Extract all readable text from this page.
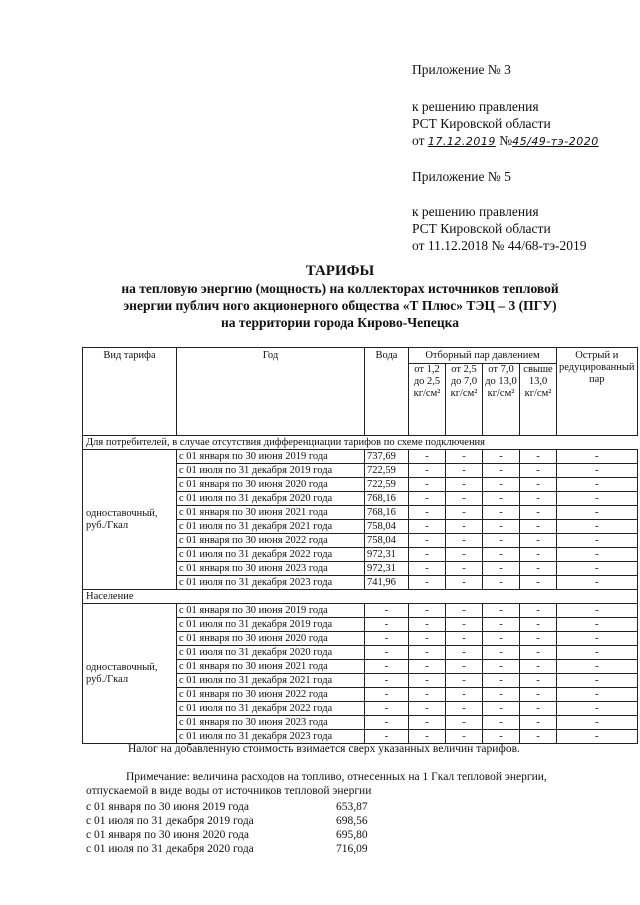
Приложение № 3
к решению правления
РСТ Кировской области
от 17.12.2019 №45/49-тэ-2020
Приложение № 5
к решению правления
РСТ Кировской области
от 11.12.2018 № 44/68-тэ-2019
ТАРИФЫ
на тепловую энергию (мощность) на коллекторах источников тепловой
энергии публич ного акционерного общества «Т Плюс» ТЭЦ – 3 (ПГУ)
на территории города Кирово-Чепецка
Вид тарифа	Год	Вода	Отборный пар давлением				Острый и редуцированный пар
			от 1,2 до 2,5 кг/см²	от 2,5 до 7,0 кг/см²	от 7,0 до 13,0 кг/см²	свыше 13,0 кг/см²	
Для потребителей, в случае отсутствия дифференциации тарифов по схеме подключения							
одноставочный, руб./Гкал	с 01 января по 30 июня 2019 года	737,69	-	-	-	-	-
	с 01 июля по 31 декабря 2019 года	722,59	-	-	-	-	-
	с 01 января по 30 июня 2020 года	722,59	-	-	-	-	-
	с 01 июля по 31 декабря 2020 года	768,16	-	-	-	-	-
	с 01 января по 30 июня 2021 года	768,16	-	-	-	-	-
	с 01 июля по 31 декабря 2021 года	758,04	-	-	-	-	-
	с 01 января по 30 июня 2022 года	758,04	-	-	-	-	-
	с 01 июля по 31 декабря 2022 года	972,31	-	-	-	-	-
	с 01 января по 30 июня 2023 года	972,31	-	-	-	-	-
	с 01 июля по 31 декабря 2023 года	741,96	-	-	-	-	-
Население							
одноставочный, руб./Гкал	с 01 января по 30 июня 2019 года	-	-	-	-	-	-
	с 01 июля по 31 декабря 2019 года	-	-	-	-	-	-
	с 01 января по 30 июня 2020 года	-	-	-	-	-	-
	с 01 июля по 31 декабря 2020 года	-	-	-	-	-	-
	с 01 января по 30 июня 2021 года	-	-	-	-	-	-
	с 01 июля по 31 декабря 2021 года	-	-	-	-	-	-
	с 01 января по 30 июня 2022 года	-	-	-	-	-	-
	с 01 июля по 31 декабря 2022 года	-	-	-	-	-	-
	с 01 января по 30 июня 2023 года	-	-	-	-	-	-
	с 01 июля по 31 декабря 2023 года	-	-	-	-	-	-
Налог на добавленную стоимость взимается сверх указанных величин тарифов.
Примечание: величина расходов на топливо, отнесенных на 1 Гкал тепловой энергии,
отпускаемой в виде воды от источников тепловой энергии
с 01 января по 30 июня 2019 года	653,87
с 01 июля по 31 декабря 2019 года	698,56
с 01 января по 30 июня 2020 года	695,80
с 01 июля по 31 декабря 2020 года	716,09
